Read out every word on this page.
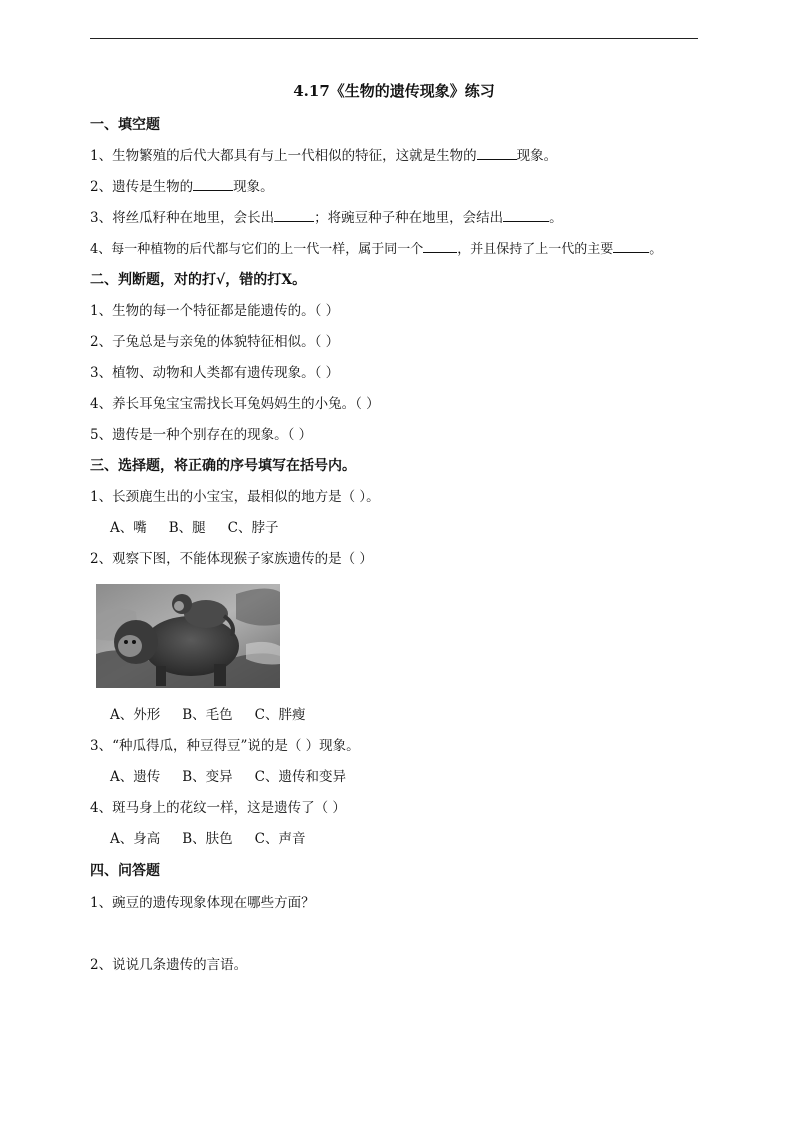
4.17《生物的遗传现象》练习
一、填空题
1、生物繁殖的后代大都具有与上一代相似的特征，这就是生物的	现象。
2、遗传是生物的	现象。
3、将丝瓜籽种在地里，会长出	；将豌豆种子种在地里，会结出	。
4、每一种植物的后代都与它们的上一代一样，属于同一个	，并且保持了上一代的主要	。
二、判断题，对的打√，错的打X。
1、生物的每一个特征都是能遗传的。（ ）
2、子兔总是与亲兔的体貌特征相似。（ ）
3、植物、动物和人类都有遗传现象。（ ）
4、养长耳兔宝宝需找长耳兔妈妈生的小兔。（ ）
5、遗传是一种个别存在的现象。（ ）
三、选择题，将正确的序号填写在括号内。
1、长颈鹿生出的小宝宝，最相似的地方是（ ）。
A、嘴 B、腿 C、脖子
2、观察下图，不能体现猴子家族遗传的是（ ）
A、外形 B、毛色 C、胖瘦
3、“种瓜得瓜，种豆得豆”说的是（ ）现象。
A、遗传 B、变异 C、遗传和变异
4、斑马身上的花纹一样，这是遗传了（ ）
A、身高 B、肤色 C、声音
四、问答题
1、豌豆的遗传现象体现在哪些方面？
2、说说几条遗传的言语。
